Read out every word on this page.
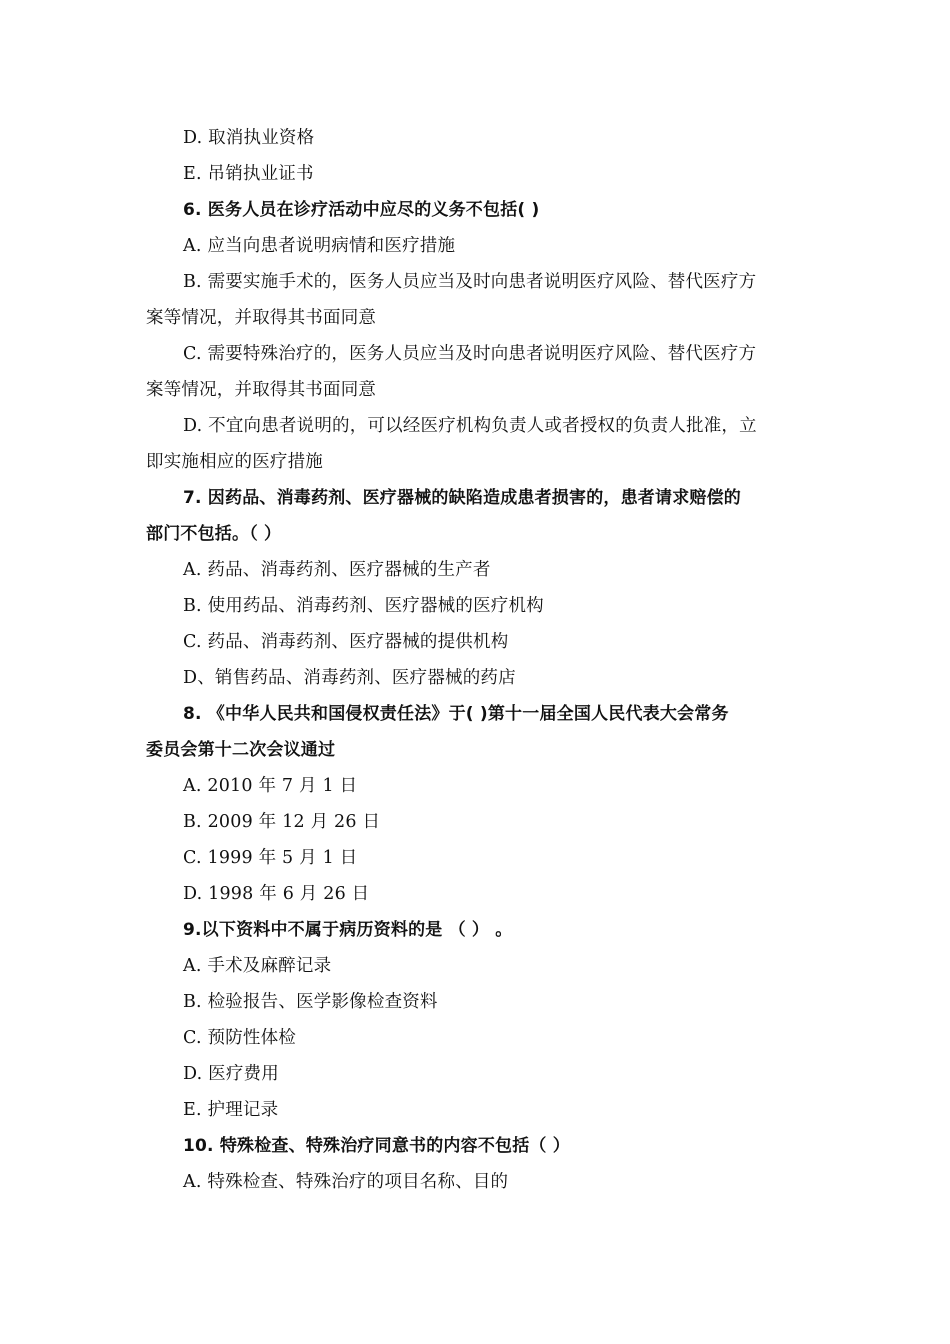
D. 取消执业资格
E. 吊销执业证书
6. 医务人员在诊疗活动中应尽的义务不包括( )
A. 应当向患者说明病情和医疗措施
B. 需要实施手术的，医务人员应当及时向患者说明医疗风险、替代医疗方
案等情况，并取得其书面同意
C. 需要特殊治疗的，医务人员应当及时向患者说明医疗风险、替代医疗方
案等情况，并取得其书面同意
D. 不宜向患者说明的，可以经医疗机构负责人或者授权的负责人批准，立
即实施相应的医疗措施
7. 因药品、消毒药剂、医疗器械的缺陷造成患者损害的，患者请求赔偿的
部门不包括。（ ）
A. 药品、消毒药剂、医疗器械的生产者
B. 使用药品、消毒药剂、医疗器械的医疗机构
C. 药品、消毒药剂、医疗器械的提供机构
D、销售药品、消毒药剂、医疗器械的药店
8. 《中华人民共和国侵权责任法》于( )第十一届全国人民代表大会常务
委员会第十二次会议通过
A. 2010 年 7 月 1 日
B. 2009 年 12 月 26 日
C. 1999 年 5 月 1 日
D. 1998 年 6 月 26 日
9.以下资料中不属于病历资料的是 （ ） 。
A. 手术及麻醉记录
B. 检验报告、医学影像检查资料
C. 预防性体检
D. 医疗费用
E. 护理记录
10. 特殊检查、特殊治疗同意书的内容不包括（ ）
A. 特殊检查、特殊治疗的项目名称、目的
